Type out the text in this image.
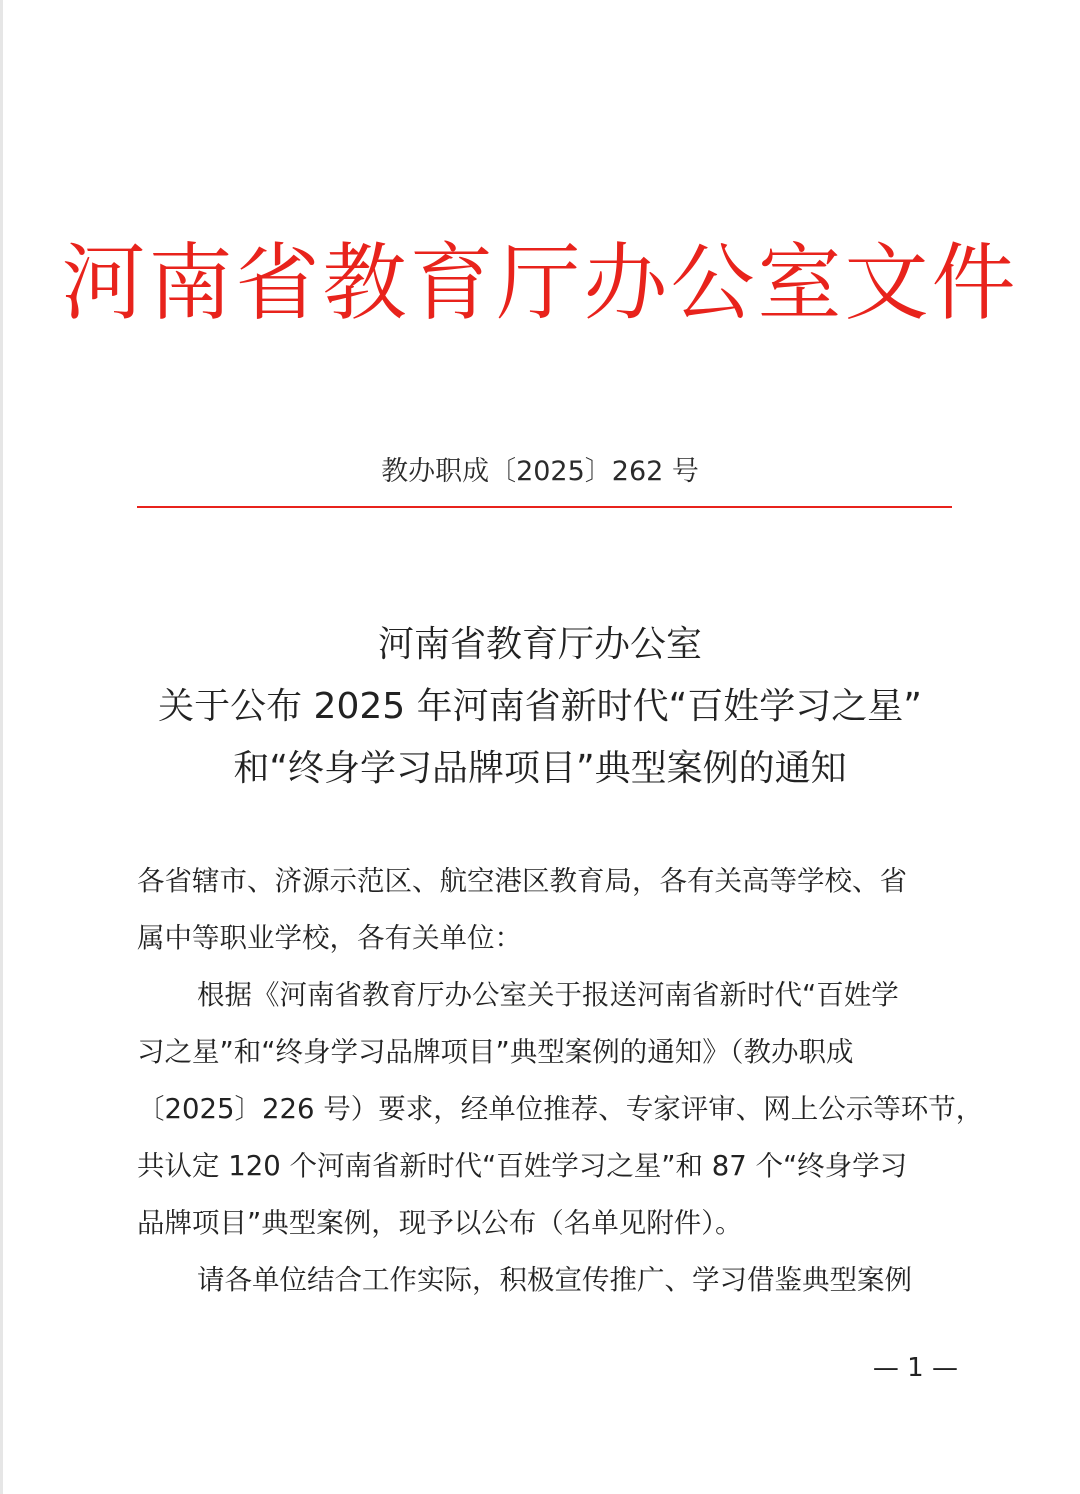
河南省教育厅办公室文件
教办职成〔2025〕262 号
河南省教育厅办公室
关于公布 2025 年河南省新时代“百姓学习之星”
和“终身学习品牌项目”典型案例的通知
各省辖市、济源示范区、航空港区教育局，各有关高等学校、省
属中等职业学校，各有关单位：
根据《河南省教育厅办公室关于报送河南省新时代“百姓学
习之星”和“终身学习品牌项目”典型案例的通知》（教办职成
〔2025〕226 号）要求，经单位推荐、专家评审、网上公示等环节，
共认定 120 个河南省新时代“百姓学习之星”和 87 个“终身学习
品牌项目”典型案例，现予以公布（名单见附件）。
请各单位结合工作实际，积极宣传推广、学习借鉴典型案例
— 1 —
